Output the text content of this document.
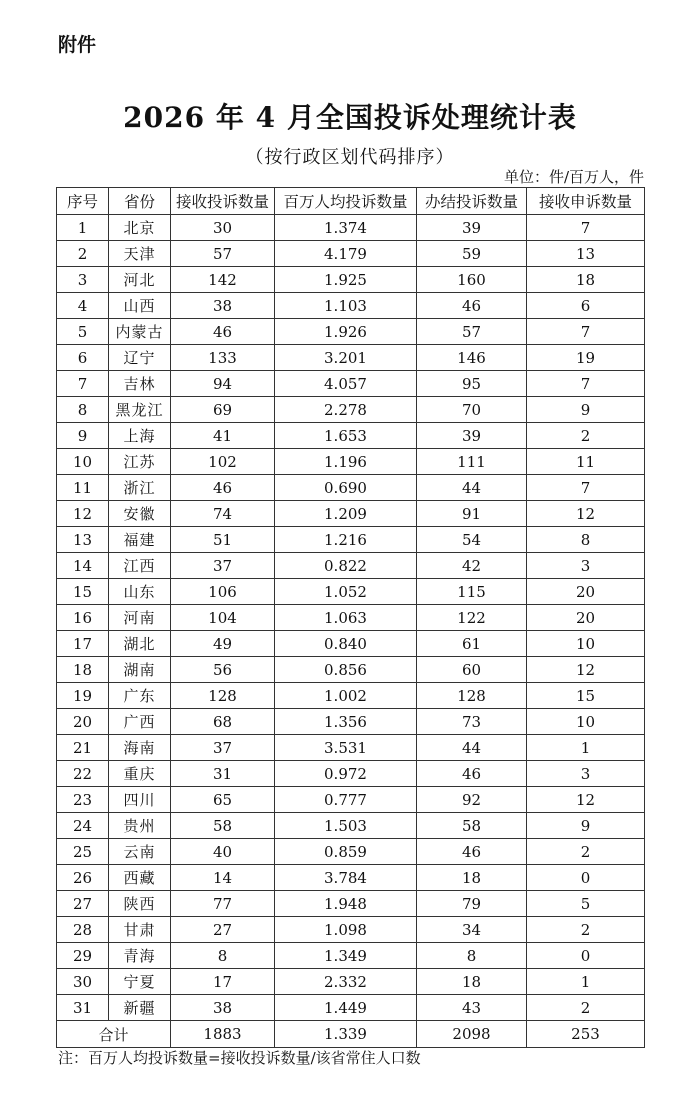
附件
2026 年 4 月全国投诉处理统计表
（按行政区划代码排序）
单位：件/百万人，件
序号	省份	接收投诉数量	百万人均投诉数量	办结投诉数量	接收申诉数量
1	北京	30	1.374	39	7
2	天津	57	4.179	59	13
3	河北	142	1.925	160	18
4	山西	38	1.103	46	6
5	内蒙古	46	1.926	57	7
6	辽宁	133	3.201	146	19
7	吉林	94	4.057	95	7
8	黑龙江	69	2.278	70	9
9	上海	41	1.653	39	2
10	江苏	102	1.196	111	11
11	浙江	46	0.690	44	7
12	安徽	74	1.209	91	12
13	福建	51	1.216	54	8
14	江西	37	0.822	42	3
15	山东	106	1.052	115	20
16	河南	104	1.063	122	20
17	湖北	49	0.840	61	10
18	湖南	56	0.856	60	12
19	广东	128	1.002	128	15
20	广西	68	1.356	73	10
21	海南	37	3.531	44	1
22	重庆	31	0.972	46	3
23	四川	65	0.777	92	12
24	贵州	58	1.503	58	9
25	云南	40	0.859	46	2
26	西藏	14	3.784	18	0
27	陕西	77	1.948	79	5
28	甘肃	27	1.098	34	2
29	青海	8	1.349	8	0
30	宁夏	17	2.332	18	1
31	新疆	38	1.449	43	2
合计		1883	1.339	2098	253
注：百万人均投诉数量=接收投诉数量/该省常住人口数
